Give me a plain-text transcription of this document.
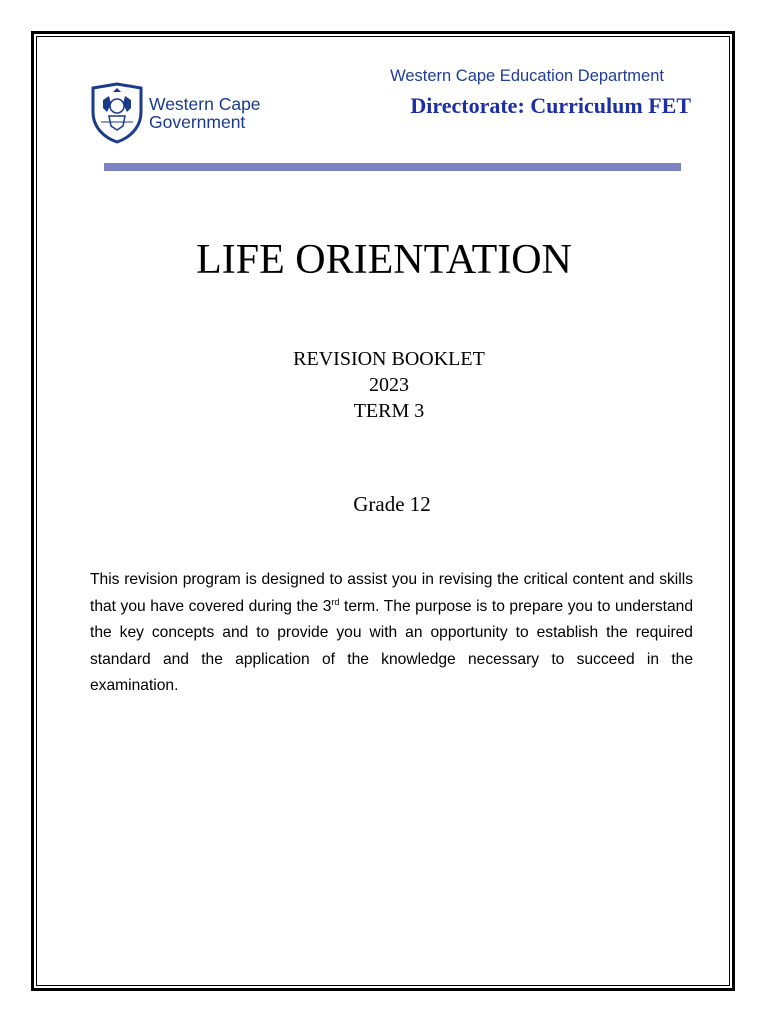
Western Cape
Government
Western Cape Education Department
Directorate: Curriculum FET
LIFE ORIENTATION
REVISION BOOKLET
2023
TERM 3
Grade 12
This revision program is designed to assist you in revising the critical content and skills that you have covered during the 3rd term. The purpose is to prepare you to understand the key concepts and to provide you with an opportunity to establish the required standard and the application of the knowledge necessary to succeed in the examination.
